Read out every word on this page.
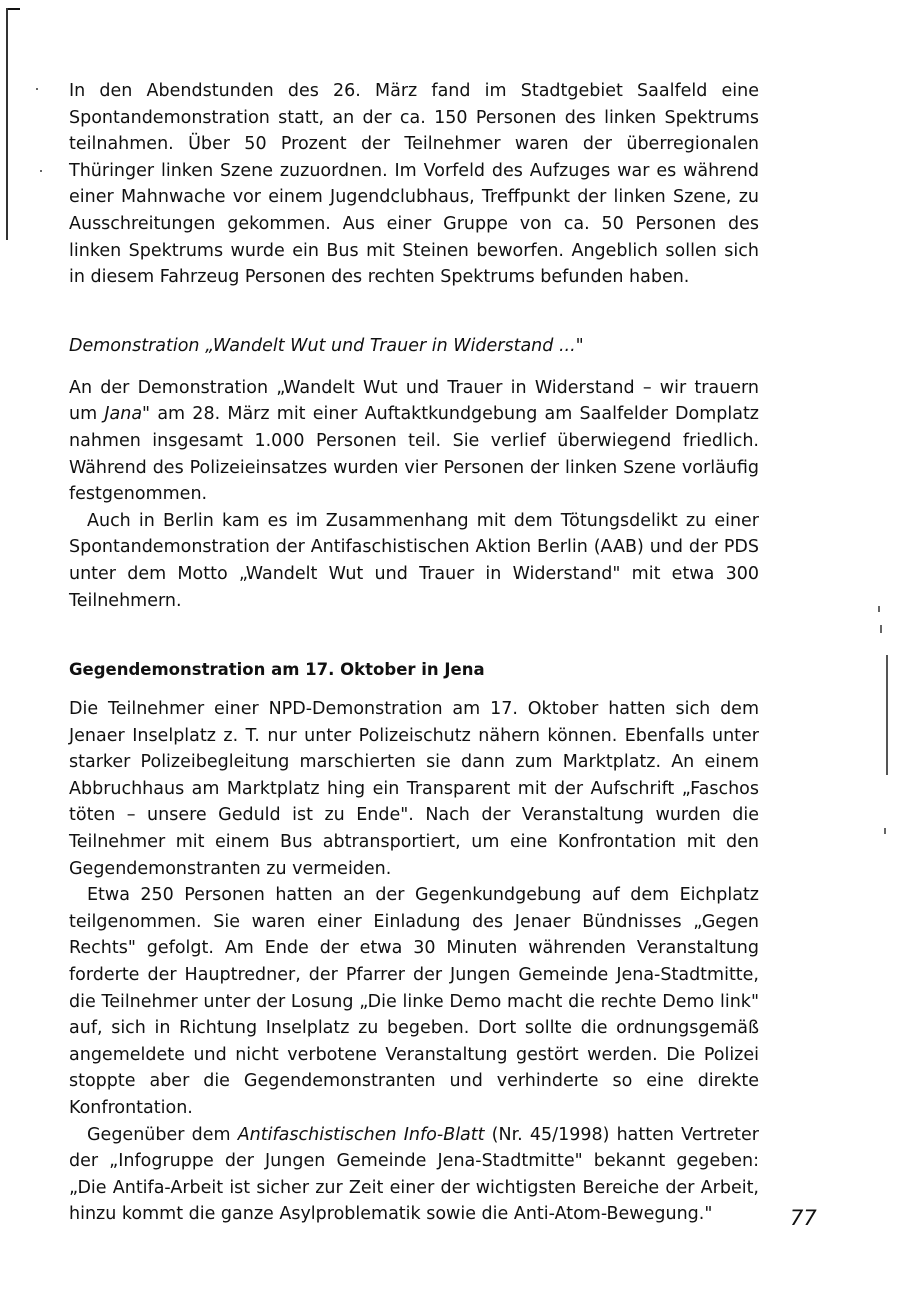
In den Abendstunden des 26. März fand im Stadtgebiet Saalfeld eine Spontandemonstration statt, an der ca. 150 Personen des linken Spektrums teilnahmen. Über 50 Prozent der Teilnehmer waren der überregionalen Thüringer linken Szene zuzuordnen. Im Vorfeld des Aufzuges war es während einer Mahnwache vor einem Jugendclubhaus, Treffpunkt der linken Szene, zu Ausschreitungen gekommen. Aus einer Gruppe von ca. 50 Personen des linken Spektrums wurde ein Bus mit Steinen beworfen. Angeblich sollen sich in diesem Fahrzeug Personen des rechten Spektrums befunden haben.

Demonstration „Wandelt Wut und Trauer in Widerstand ..."

An der Demonstration „Wandelt Wut und Trauer in Widerstand – wir trauern um Jana" am 28. März mit einer Auftaktkundgebung am Saalfelder Domplatz nahmen insgesamt 1.000 Personen teil. Sie verlief überwiegend friedlich. Während des Polizeieinsatzes wurden vier Personen der linken Szene vorläufig festgenommen.

Auch in Berlin kam es im Zusammenhang mit dem Tötungsdelikt zu einer Spontandemonstration der Antifaschistischen Aktion Berlin (AAB) und der PDS unter dem Motto „Wandelt Wut und Trauer in Widerstand" mit etwa 300 Teilnehmern.

Gegendemonstration am 17. Oktober in Jena

Die Teilnehmer einer NPD-Demonstration am 17. Oktober hatten sich dem Jenaer Inselplatz z. T. nur unter Polizeischutz nähern können. Ebenfalls unter starker Polizeibegleitung marschierten sie dann zum Marktplatz. An einem Abbruchhaus am Marktplatz hing ein Transparent mit der Aufschrift „Faschos töten – unsere Geduld ist zu Ende". Nach der Veranstaltung wurden die Teilnehmer mit einem Bus abtransportiert, um eine Konfrontation mit den Gegendemonstranten zu vermeiden.

Etwa 250 Personen hatten an der Gegenkundgebung auf dem Eichplatz teilgenommen. Sie waren einer Einladung des Jenaer Bündnisses „Gegen Rechts" gefolgt. Am Ende der etwa 30 Minuten währenden Veranstaltung forderte der Hauptredner, der Pfarrer der Jungen Gemeinde Jena-Stadtmitte, die Teilnehmer unter der Losung „Die linke Demo macht die rechte Demo link" auf, sich in Richtung Inselplatz zu begeben. Dort sollte die ordnungsgemäß angemeldete und nicht verbotene Veranstaltung gestört werden. Die Polizei stoppte aber die Gegendemonstranten und verhinderte so eine direkte Konfrontation.

Gegenüber dem Antifaschistischen Info-Blatt (Nr. 45/1998) hatten Vertreter der „Infogruppe der Jungen Gemeinde Jena-Stadtmitte" bekannt gegeben: „Die Antifa-Arbeit ist sicher zur Zeit einer der wichtigsten Bereiche der Arbeit, hinzu kommt die ganze Asylproblematik sowie die Anti-Atom-Bewegung."	77
